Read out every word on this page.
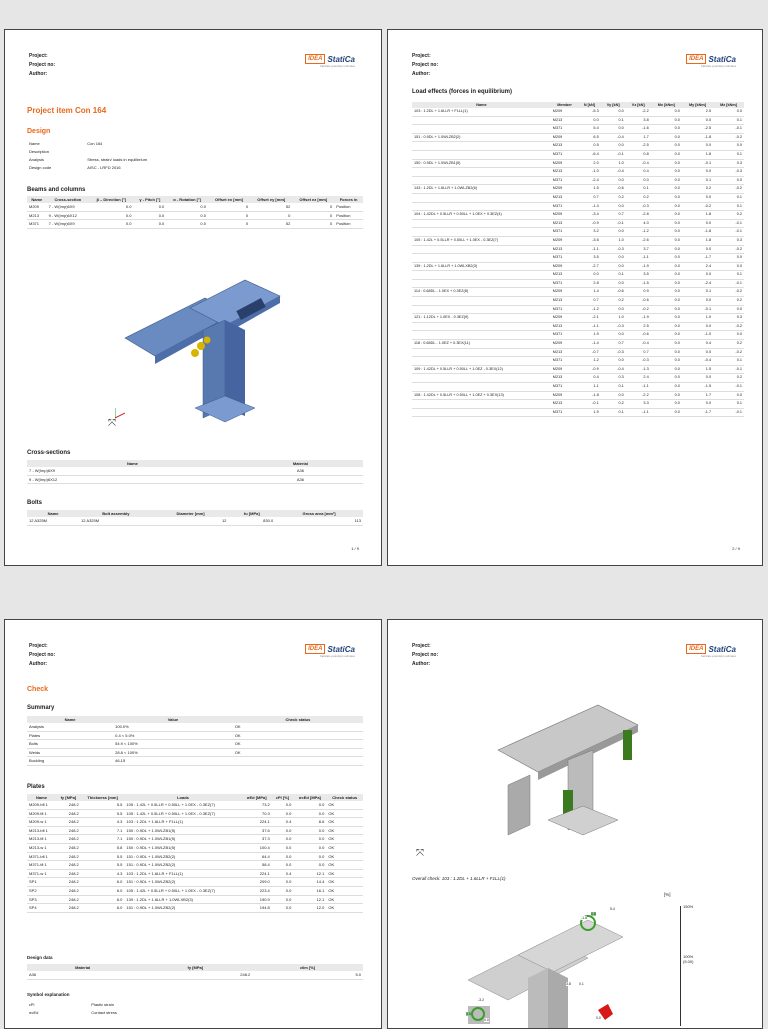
Project:
Project no:
Author:
IDEA StatiCa
Calculate yesterday's estimates
Project item Con 164
Design
Name	Con 164
Description	
Analysis	Stress, strain/ loads in equilibrium
Design code	AISC - LRFD 2016
Beams and columns
Name	Cross-section	β – Direction [°]	γ - Pitch [°]	α - Rotation [°]	Offset ex [mm]	Offset ey [mm]	Offset ez [mm]	Forces in
M209	7 - W(Imp)6X9	0.0	0.0	0.0	0	52	0	Position
M213	9 - W(Imp)6X12	0.0	0.0	0.0	0	0	0	Position
M371	7 - W(Imp)6X9	0.0	0.0	0.0	0	52	0	Position
⤧
Cross-sections
Name	Material
7 - W(Imp)6X9	A36
9 - W(Imp)6X12	A36
Bolts
Name	Bolt assembly	Diameter [mm]	fu [MPa]	Gross area [mm²]
12 A325M	12 A325M	12	830.0	113
1 / 9
Project:
Project no:
Author:
IDEA StatiCa
Calculate yesterday's estimates
Load effects (forces in equilibrium)
Name	Member	N [kN]	Vy [kN]	Vz [kN]	Mx [kNm]	My [kNm]	Mz [kNm]
103 : 1.2DL + 1.6LLR + F1LL(1)	M209	-5.3	0.0	-2.2	0.0	2.5	0.0
	M213	0.0	0.1	3.8	0.0	0.0	0.1
	M371	5.4	0.0	-1.6	0.0	-2.5	-0.1
151 : 0.9DL + 1.0WLZB2(2)	M209	6.5	-0.4	1.7	0.0	-1.8	-0.2
	M213	0.5	0.0	-2.5	0.0	0.0	0.0
	M371	-6.4	-0.1	0.8	0.0	1.8	0.1
150 : 0.9DL + 1.0WLZB1(5)	M209	2.0	1.0	-0.4	0.0	-0.1	0.3
	M213	-1.0	-0.4	0.4	0.0	0.0	-0.3
	M371	-2.4	0.0	0.0	0.0	0.1	0.0
143 : 1.2DL + 1.6LLR + 1.0WLZB2(6)	M209	1.5	-0.6	0.1	0.0	0.2	-0.2
	M213	0.7	0.2	0.2	0.0	0.0	0.1
	M371	-1.4	0.0	-0.3	0.0	-0.2	0.1
104 : 1.42DL + 0.5LLR + 0.50LL + 1.0EX + 0.3EZ(4)	M209	-3.4	0.7	-2.8	0.0	1.8	0.2
	M213	-0.9	-0.1	4.0	0.0	0.0	-0.1
	M371	3.2	0.0	-1.2	0.0	-1.8	-0.1
105 : 1.42L + 0.5LLR + 0.50LL + 1.0EX - 0.3EZ(7)	M209	-3.6	1.0	-2.6	0.0	1.8	0.3
	M213	-1.1	-0.3	3.7	0.0	0.0	-0.2
	M371	3.5	0.0	-1.1	0.0	-1.7	0.0
139 : 1.2DL + 1.6LLR + 1.0WLXB2(3)	M209	-2.7	0.0	-1.9	0.0	2.4	0.0
	M213	0.0	0.1	3.5	0.0	0.0	0.1
	M371	2.8	0.0	-1.5	0.0	-2.4	-0.1
114 : 0.68DL - 1.0EX + 0.3EZ(8)	M209	1.4	-0.6	0.9	0.0	0.1	-0.2
	M213	0.7	0.2	-0.6	0.0	0.0	0.2
	M371	-1.2	0.0	-0.2	0.0	-0.1	0.0
121 : 1.12DL + 1.0EX - 0.3EZ(9)	M209	-2.1	1.0	-1.9	0.0	1.0	0.3
	M213	-1.1	-0.3	2.5	0.0	0.0	-0.2
	M371	1.9	0.0	-0.6	0.0	-1.0	0.0
118 : 0.68DL - 1.0EZ + 0.3EX(11)	M209	-1.4	0.7	-0.4	0.0	0.4	0.2
	M213	-0.7	-0.3	0.7	0.0	0.0	-0.2
	M371	1.2	0.0	-0.3	0.0	-0.4	0.1
109 : 1.42DL + 0.5LLR + 0.50LL + 1.0EZ - 0.3EX(12)	M209	-0.9	-0.4	-1.3	0.0	1.5	-0.1
	M213	0.4	0.3	2.4	0.0	0.0	0.2
	M371	1.1	0.1	-1.1	0.0	-1.5	-0.1
108 : 1.42DL + 0.5LLR + 0.50LL + 1.0EZ + 0.3EX(13)	M209	-1.8	0.0	-2.2	0.0	1.7	0.0
	M213	-0.1	0.2	3.3	0.0	0.0	0.1
	M371	1.9	0.1	-1.1	0.0	-1.7	-0.1
2 / 9
Project:
Project no:
Author:
IDEA StatiCa
Calculate yesterday's estimates
Check
Summary
Name	Value	Check status
Analysis	100.0%	OK
Plates	0.4 < 5.0%	OK
Bolts	54.9 < 100%	OK
Welds	28.8 < 100%	OK
Buckling	46.15	
Plates
Name	fy [MPa]	Thickness [mm]	Loads	σEd [MPa]	εPl [%]	σcEd [MPa]	Check status
M209-bfl 1	248.2	5.5	105 : 1.42L + 0.5LLR + 0.50LL + 1.0EX - 0.3EZ(7)	73.2	0.0	0.0	OK
M209-tfl 1	248.2	5.5	105 : 1.42L + 0.5LLR + 0.50LL + 1.0EX - 0.3EZ(7)	70.3	0.0	0.0	OK
M209-w 1	248.2	4.3	103 : 1.2DL + 1.6LLR + F1LL(1)	224.1	0.4	8.6	OK
M213-bfl 1	248.2	7.1	150 : 0.9DL + 1.0WLZB1(5)	37.6	0.0	0.0	OK
M213-tfl 1	248.2	7.1	150 : 0.9DL + 1.0WLZB1(5)	37.3	0.0	0.0	OK
M213-w 1	248.2	5.8	150 : 0.9DL + 1.0WLZB1(5)	100.4	0.0	0.0	OK
M371-bfl 1	248.2	5.5	151 : 0.9DL + 1.0WLZB2(2)	64.4	0.0	0.0	OK
M371-tfl 1	248.2	5.5	151 : 0.9DL + 1.0WLZB2(2)	58.4	0.0	0.0	OK
M371-w 1	248.2	4.3	103 : 1.2DL + 1.6LLR + F1LL(1)	224.1	0.4	12.1	OK
SP1	248.2	6.0	151 : 0.9DL + 1.0WLZB2(2)	209.0	0.0	14.4	OK
SP2	248.2	6.0	105 : 1.42L + 0.5LLR + 0.50LL + 1.0EX - 0.3EZ(7)	223.4	0.0	16.1	OK
SP3	248.2	6.0	139 : 1.2DL + 1.6LLR + 1.0WLXB2(3)	190.9	0.0	12.1	OK
SP4	248.2	6.0	151 : 0.9DL + 1.0WLZB2(2)	194.8	0.0	12.0	OK
Design data
Material	fy [MPa]	εlim [%]
A36	248.2	5.0
Symbol explanation
εPl	Plastic strain
σcEd	Contact stress
Project:
Project no:
Author:
IDEA StatiCa
Calculate yesterday's estimates
⤧
Overall check: 103 : 1.2DL + 1.6LLR + F1LL(1)
[%]
150%
100% (5.00)
5.4
-1.8
0.8
3.8 0.1
-3.2
3.5
0.0	0.0
